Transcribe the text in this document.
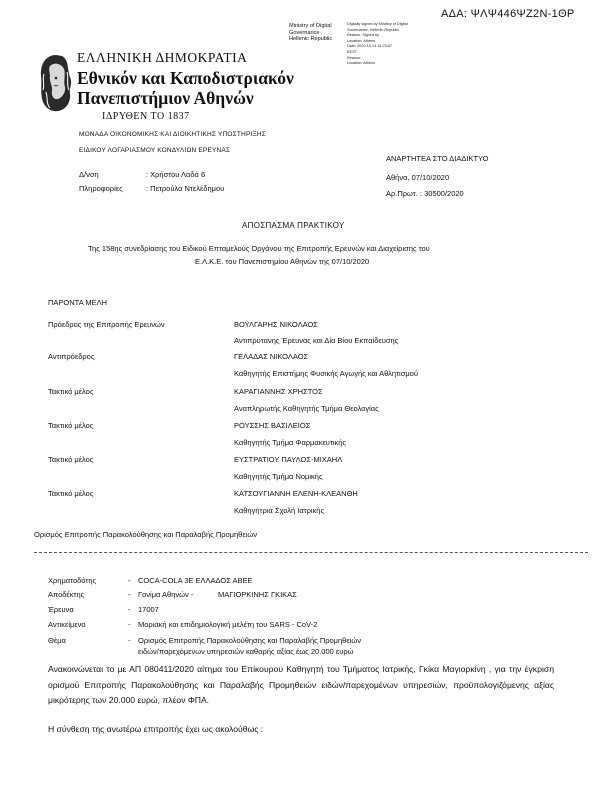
ΑΔΑ: ΨΛΨ446ΨΖ2Ν-1ΘΡ
Ministry of Digital
Governance
Hellenic Republic
Digitally signed by Ministry of Digital
Governance, Hellenic Republic
Reason: Signed by
Location: Athens
Date: 2020.10.13 14:23:07
EEST
Reason:
Location: Athens
ΕΛΛΗΝΙΚΗ ΔΗΜΟΚΡΑΤΙΑ
Εθνικόν και Καποδιστριακόν
Πανεπιστήμιον Αθηνών
ΙΔΡΥΘΕΝ ΤΟ 1837
ΜΟΝΑΔΑ ΟΙΚΟΝΟΜΙΚΗΣ ΚΑΙ ΔΙΟΙΚΗΤΙΚΗΣ ΥΠΟΣΤΗΡΙΞΗΣ
ΕΙΔΙΚΟΥ ΛΟΓΑΡΙΑΣΜΟΥ ΚΟΝΔΥΛΙΩΝ ΕΡΕΥΝΑΣ
ΑΝΑΡΤΗΤΕΑ ΣΤΟ ΔΙΑΔΙΚΤΥΟ
Αθήνα, 07/10/2020
Αρ.Πρωτ. : 30500/2020
Δ/νση	: Χρήστου Λαδά 6
Πληροφορίες	: Πετρούλα Ντελέδημου
ΑΠΟΣΠΑΣΜΑ ΠΡΑΚΤΙΚΟΥ
Της 158ης συνεδρίασης του Ειδικού Επταμελούς Οργάνου της Επιτροπής Ερευνών και Διαχείρισης του
Ε.Λ.Κ.Ε. του Πανεπιστημίου Αθηνών της 07/10/2020
ΠΑΡΟΝΤΑ ΜΕΛΗ
Πρόεδρος της Επιτροπής Ερευνών	ΒΟΥΛΓΑΡΗΣ ΝΙΚΟΛΑΟΣ
Αντιπρύτανης Έρευνας και Δία Βίου Εκπαίδευσης
Αντιπρόεδρος	ΓΕΛΑΔΑΣ ΝΙΚΟΛΑΟΣ
Καθηγητής Επιστήμης Φυσικής Αγωγής και Αθλητισμού
Τακτικό μέλος	ΚΑΡΑΓΙΑΝΝΗΣ ΧΡΗΣΤΟΣ
Αναπληρωτής Καθηγητής Τμήμα Θεολογίας
Τακτικό μέλος	ΡΟΥΣΣΗΣ ΒΑΣΙΛΕΙΟΣ
Καθηγητής Τμήμα Φαρμακευτικής
Τακτικό μέλος	ΕΥΣΤΡΑΤΙΟΥ ΠΑΥΛΟΣ-ΜΙΧΑΗΛ
Καθηγητής Τμήμα Νομικής
Τακτικό μέλος	ΚΑΤΣΟΥΓΙΑΝΝΗ ΕΛΕΝΗ-ΚΛΕΑΝΘΗ
Καθηγήτρια Σχολή Ιατρικής
Ορισμός Επιτροπής Παρακολούθησης και Παραλαβής Προμηθειών
Χρηματοδότης	- COCA-COLA 3E ΕΛΛΑΔΟΣ ΑΒΕΕ
Αποδέκτης	- Γονίμα Αθηνών -	ΜΑΓΙΟΡΚΙΝΗΣ ΓΚΙΚΑΣ
Έρευνα	- 17007
Αντικείμενο	- Μοριακή και επιδημιολογική μελέτη του SARS - CoV-2
Θέμα	- Ορισμός Επιτροπής Παρακολούθησης και Παραλαβής Προμηθειών
ειδών/παρεχόμενων υπηρεσιών καθαρής αξίας έως 20.000 ευρώ
Ανακοινώνεται το με ΑΠ 080411/2020 αίτημα του Επίκουρου Καθηγητή του Τμήματος Ιατρικής, Γκίκα Μαγιορκίνη , για την έγκριση ορισμού Επιτροπής Παρακολούθησης και Παραλαβής Προμηθειών ειδών/παρεχομένων υπηρεσιών, προϋπολογιζόμενης αξίας μικρότερης των 20.000 ευρώ, πλέον ΦΠΑ.
Η σύνθεση της ανωτέρω επιτροπής έχει ως ακολούθως :
